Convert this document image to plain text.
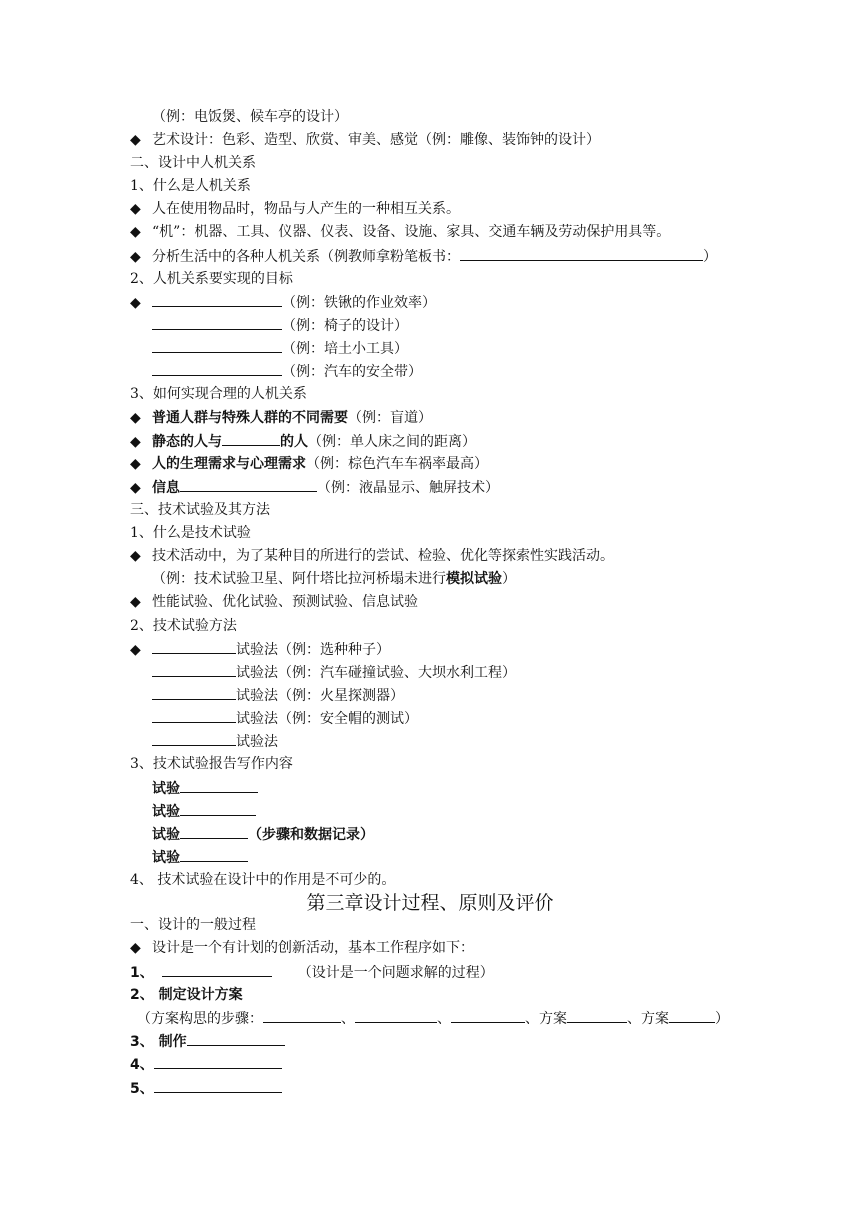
（例：电饭煲、候车亭的设计）
◆ 艺术设计：色彩、造型、欣赏、审美、感觉（例：雕像、装饰钟的设计）
二、设计中人机关系
1、什么是人机关系
◆ 人在使用物品时，物品与人产生的一种相互关系。
◆ “机”：机器、工具、仪器、仪表、设备、设施、家具、交通车辆及劳动保护用具等。
◆ 分析生活中的各种人机关系（例教师拿粉笔板书：	）
2、人机关系要实现的目标
◆	（例：铁锹的作业效率）
（例：椅子的设计）
（例：培土小工具）
（例：汽车的安全带）
3、如何实现合理的人机关系
◆ 普通人群与特殊人群的不同需要（例：盲道）
◆ 静态的人与	的人（例：单人床之间的距离）
◆ 人的生理需求与心理需求（例：棕色汽车车祸率最高）
◆ 信息	（例：液晶显示、触屏技术）
三、技术试验及其方法
1、什么是技术试验
◆ 技术活动中，为了某种目的所进行的尝试、检验、优化等探索性实践活动。
（例：技术试验卫星、阿什塔比拉河桥塌未进行模拟试验）
◆ 性能试验、优化试验、预测试验、信息试验
2、技术试验方法
◆	试验法（例：选种种子）
试验法（例：汽车碰撞试验、大坝水利工程）
试验法（例：火星探测器）
试验法（例：安全帽的测试）
试验法
3、技术试验报告写作内容
试验
试验
试验	（步骤和数据记录）
试验
4、 技术试验在设计中的作用是不可少的。
第三章设计过程、原则及评价
一、设计的一般过程
◆ 设计是一个有计划的创新活动，基本工作程序如下：
1、	（设计是一个问题求解的过程）
2、 制定设计方案
（方案构思的步骤：	、	、	、方案	、方案	）
3、 制作
4、
5、
